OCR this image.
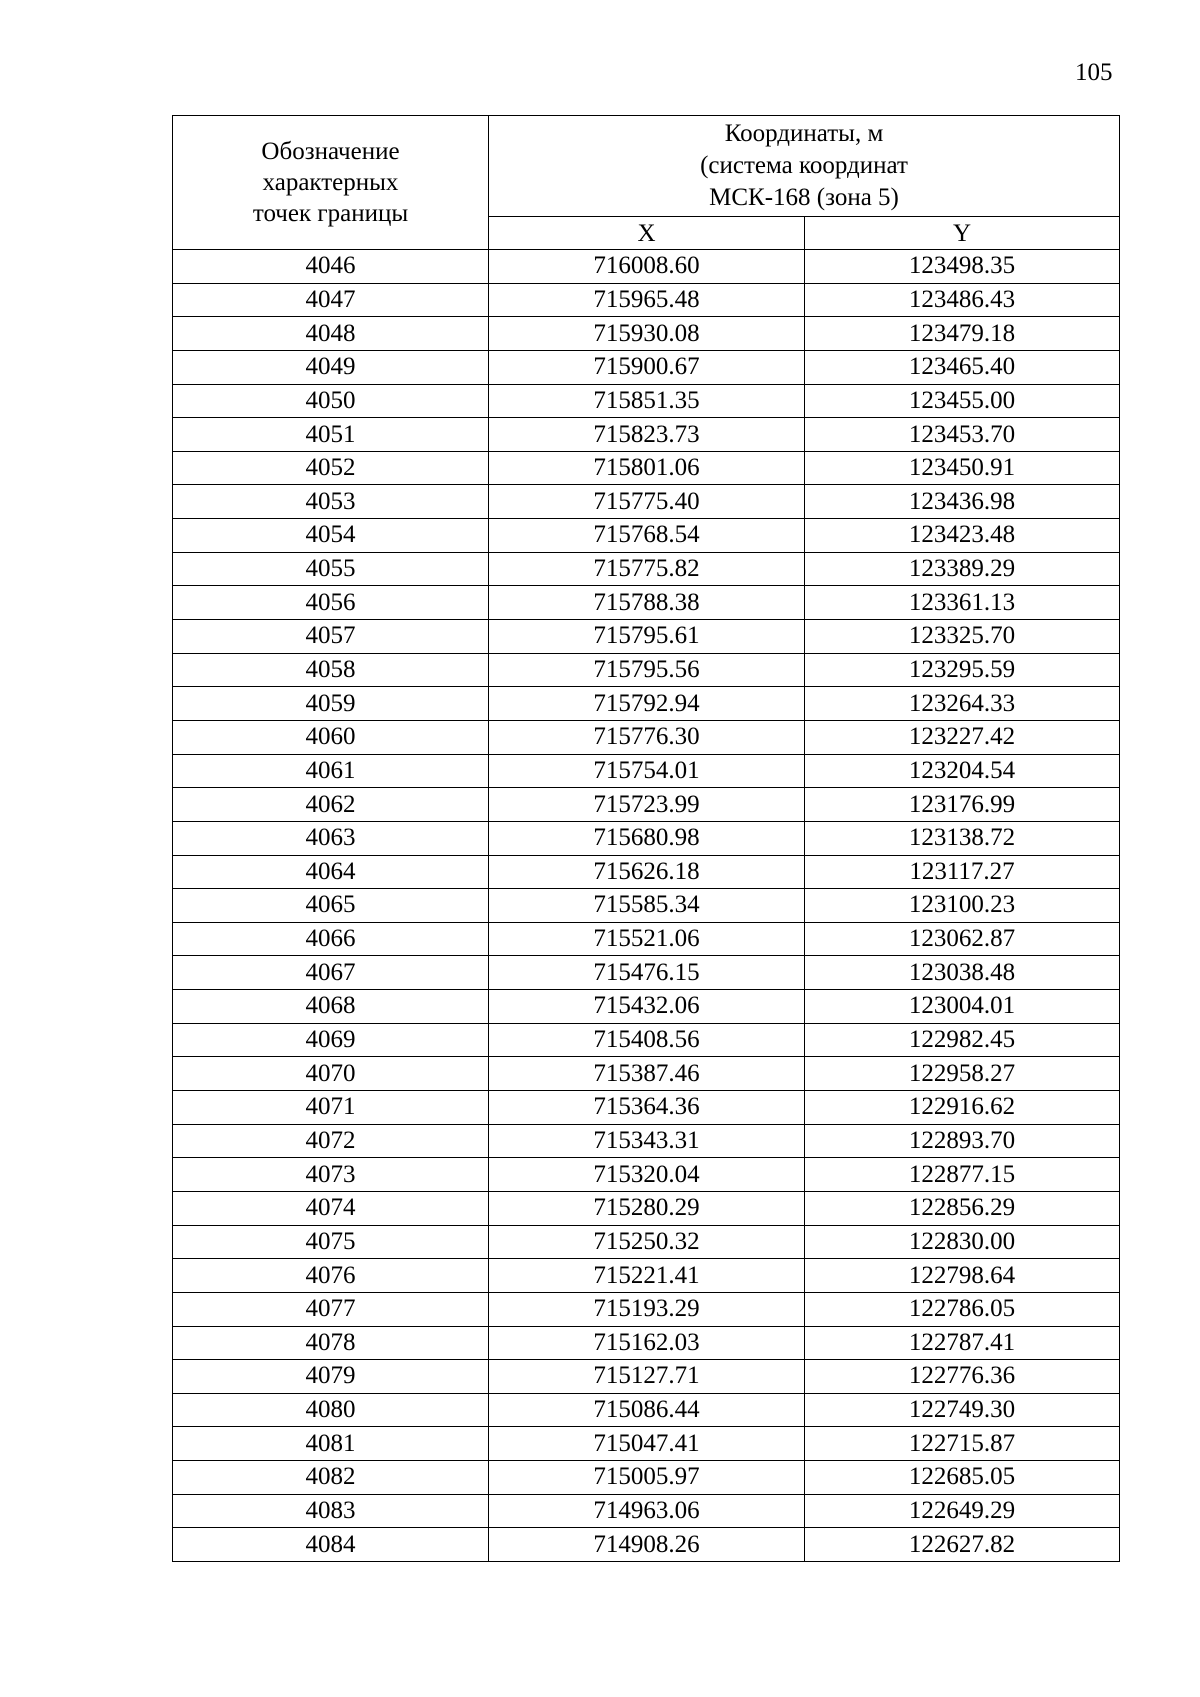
105
Обозначение
характерных
точек границы	Координаты, м
(система координат
МСК-168 (зона 5)	
	X	Y
4046	716008.60	123498.35
4047	715965.48	123486.43
4048	715930.08	123479.18
4049	715900.67	123465.40
4050	715851.35	123455.00
4051	715823.73	123453.70
4052	715801.06	123450.91
4053	715775.40	123436.98
4054	715768.54	123423.48
4055	715775.82	123389.29
4056	715788.38	123361.13
4057	715795.61	123325.70
4058	715795.56	123295.59
4059	715792.94	123264.33
4060	715776.30	123227.42
4061	715754.01	123204.54
4062	715723.99	123176.99
4063	715680.98	123138.72
4064	715626.18	123117.27
4065	715585.34	123100.23
4066	715521.06	123062.87
4067	715476.15	123038.48
4068	715432.06	123004.01
4069	715408.56	122982.45
4070	715387.46	122958.27
4071	715364.36	122916.62
4072	715343.31	122893.70
4073	715320.04	122877.15
4074	715280.29	122856.29
4075	715250.32	122830.00
4076	715221.41	122798.64
4077	715193.29	122786.05
4078	715162.03	122787.41
4079	715127.71	122776.36
4080	715086.44	122749.30
4081	715047.41	122715.87
4082	715005.97	122685.05
4083	714963.06	122649.29
4084	714908.26	122627.82
